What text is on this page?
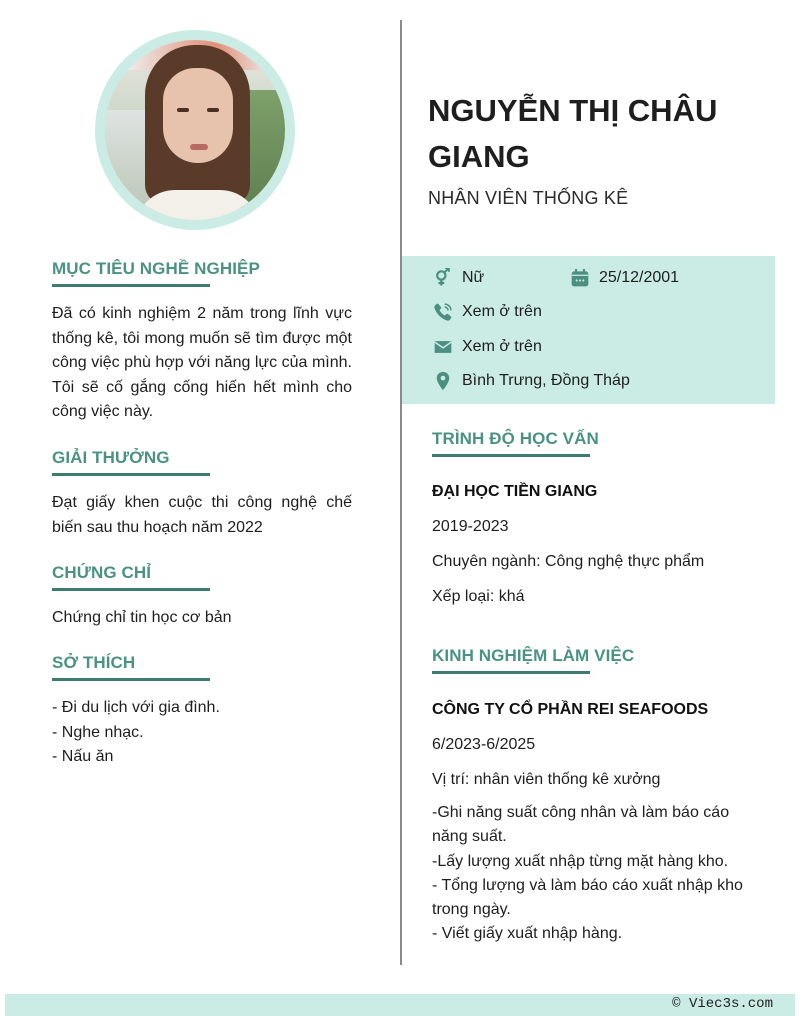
MỤC TIÊU NGHỀ NGHIỆP
Đã có kinh nghiệm 2 năm trong lĩnh vực thống kê, tôi mong muốn sẽ tìm được một công việc phù hợp với năng lực của mình. Tôi sẽ cố gắng cống hiến hết mình cho công việc này.
GIẢI THƯỞNG
Đạt giấy khen cuộc thi công nghệ chế biến sau thu hoạch năm 2022
CHỨNG CHỈ
Chứng chỉ tin học cơ bản
SỞ THÍCH
- Đi du lịch với gia đình.
- Nghe nhạc.
- Nấu ăn
NGUYỄN THỊ CHÂU GIANG
NHÂN VIÊN THỐNG KÊ
Nữ	25/12/2001
Xem ở trên
Xem ở trên
Bình Trưng, Đồng Tháp
TRÌNH ĐỘ HỌC VẤN
ĐẠI HỌC TIỀN GIANG
2019-2023
Chuyên ngành: Công nghệ thực phẩm
Xếp loại: khá
KINH NGHIỆM LÀM VIỆC
CÔNG TY CỔ PHẦN REI SEAFOODS
6/2023-6/2025
Vị trí: nhân viên thống kê xưởng
-Ghi năng suất công nhân và làm báo cáo năng suất.
-Lấy lượng xuất nhập từng mặt hàng kho.
- Tổng lượng và làm báo cáo xuất nhập kho trong ngày.
- Viết giấy xuất nhập hàng.
© Viec3s.com
